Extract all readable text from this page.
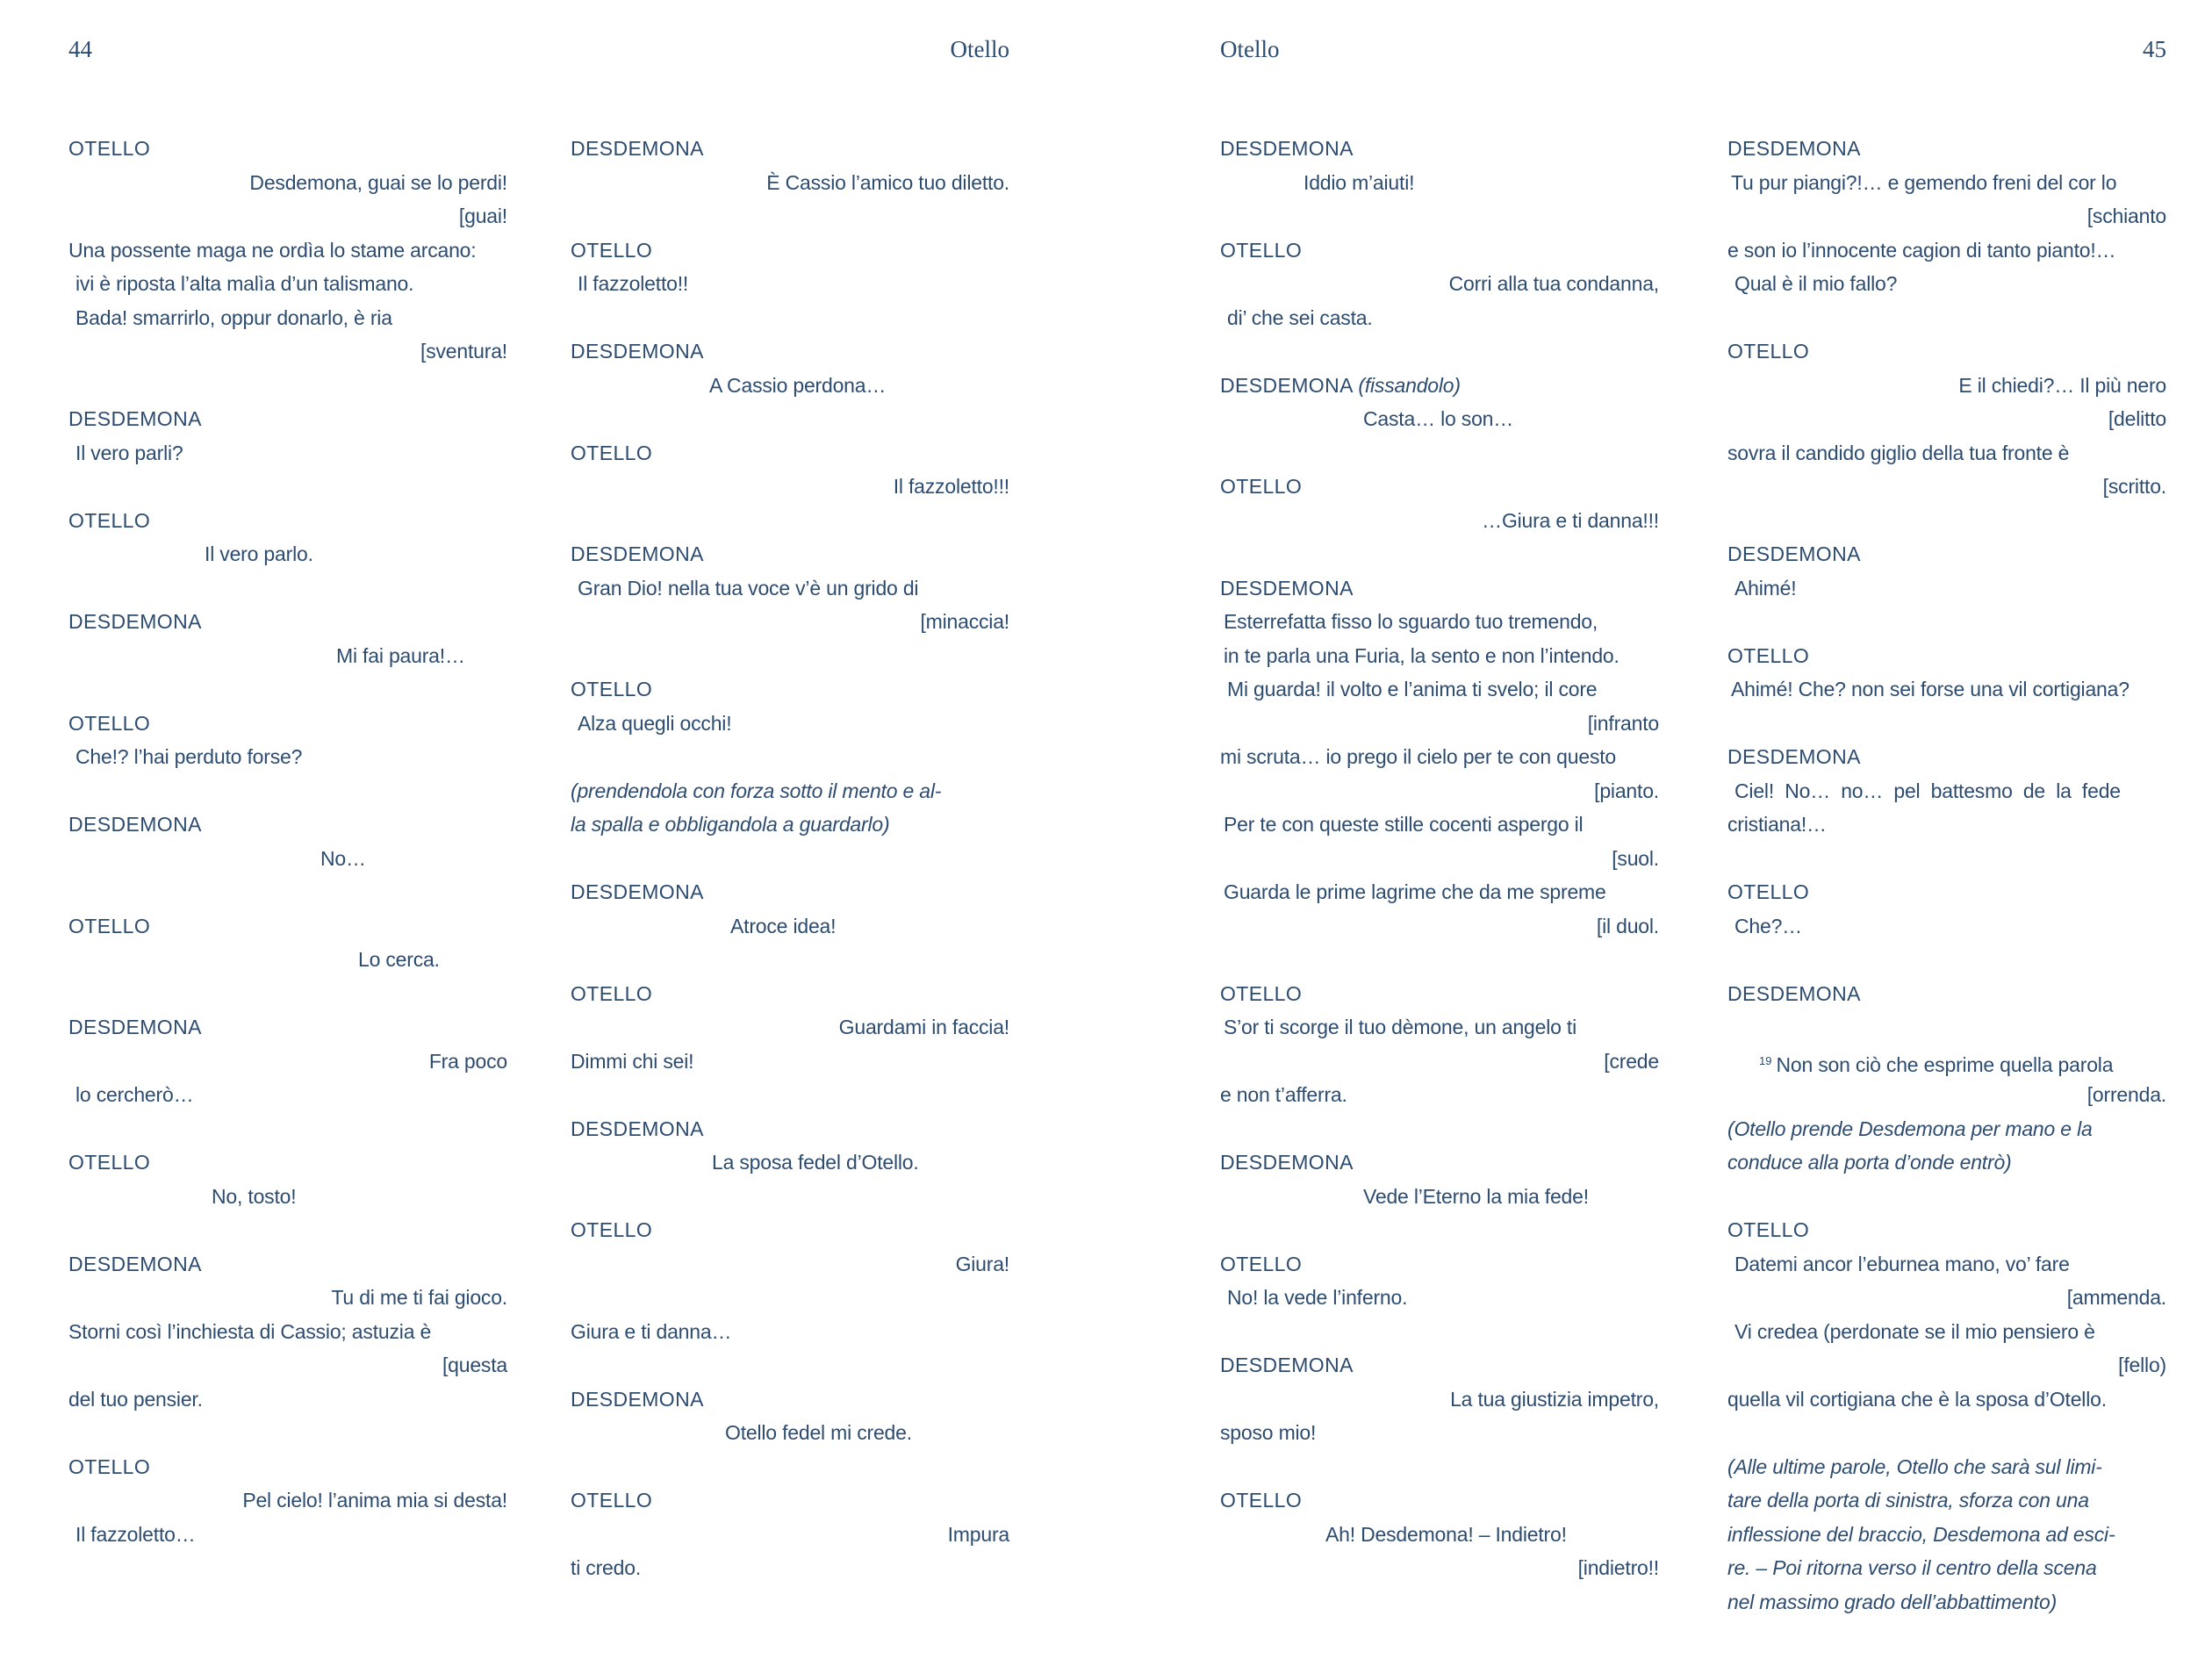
44	Otello
OTELLO
Desdemona, guai se lo perdi!
[guai!
Una possente maga ne ordìa lo stame arcano:
ivi è riposta l’alta malìa d’un talismano.
Bada! smarrirlo, oppur donarlo, è ria
[sventura!

DESDEMONA
Il vero parli?

OTELLO
Il vero parlo.

DESDEMONA
Mi fai paura!…

OTELLO
Che!? l’hai perduto forse?

DESDEMONA
No…

OTELLO
Lo cerca.

DESDEMONA
Fra poco
lo cercherò…

OTELLO
No, tosto!

DESDEMONA
Tu di me ti fai gioco.
Storni così l’inchiesta di Cassio; astuzia è
[questa
del tuo pensier.

OTELLO
Pel cielo! l’anima mia si desta!
Il fazzoletto…
DESDEMONA
È Cassio l’amico tuo diletto.

OTELLO
Il fazzoletto!!

DESDEMONA
A Cassio perdona…

OTELLO
Il fazzoletto!!!

DESDEMONA
Gran Dio! nella tua voce v’è un grido di
[minaccia!

OTELLO
Alza quegli occhi!

(prendendola con forza sotto il mento e al-
la spalla e obbligandola a guardarlo)

DESDEMONA
Atroce idea!

OTELLO
Guardami in faccia!
Dimmi chi sei!

DESDEMONA
La sposa fedel d’Otello.

OTELLO
Giura!

Giura e ti danna…

DESDEMONA
Otello fedel mi crede.

OTELLO
Impura
ti credo.
Otello	45
DESDEMONA
Iddio m’aiuti!

OTELLO
Corri alla tua condanna,
di’ che sei casta.

DESDEMONA (fissandolo)
Casta… lo son…

OTELLO
…Giura e ti danna!!!

DESDEMONA
Esterrefatta fisso lo sguardo tuo tremendo,
in te parla una Furia, la sento e non l’intendo.
Mi guarda! il volto e l’anima ti svelo; il core
[infranto
mi scruta… io prego il cielo per te con questo
[pianto.
Per te con queste stille cocenti aspergo il
[suol.
Guarda le prime lagrime che da me spreme
[il duol.

OTELLO
S’or ti scorge il tuo dèmone, un angelo ti
[crede
e non t’afferra.

DESDEMONA
Vede l’Eterno la mia fede!

OTELLO
No! la vede l’inferno.

DESDEMONA
La tua giustizia impetro,
sposo mio!

OTELLO
Ah! Desdemona! – Indietro!
[indietro!!
DESDEMONA
Tu pur piangi?!… e gemendo freni del cor lo
[schianto
e son io l’innocente cagion di tanto pianto!…
Qual è il mio fallo?

OTELLO
E il chiedi?… Il più nero
[delitto
sovra il candido giglio della tua fronte è
[scritto.

DESDEMONA
Ahimé!

OTELLO
Ahimé! Che? non sei forse una vil cortigiana?

DESDEMONA
Ciel! No… no… pel battesmo de la fede
cristiana!…

OTELLO
Che?…

DESDEMONA

$^{19}$ Non son ciò che esprime quella parola
[orrenda.
(Otello prende Desdemona per mano e la
conduce alla porta d’onde entrò)

OTELLO
Datemi ancor l’eburnea mano, vo’ fare
[ammenda.
Vi credea (perdonate se il mio pensiero è
[fello)
quella vil cortigiana che è la sposa d’Otello.

(Alle ultime parole, Otello che sarà sul limi-
tare della porta di sinistra, sforza con una
inflessione del braccio, Desdemona ad esci-
re. – Poi ritorna verso il centro della scena
nel massimo grado dell’abbattimento)
